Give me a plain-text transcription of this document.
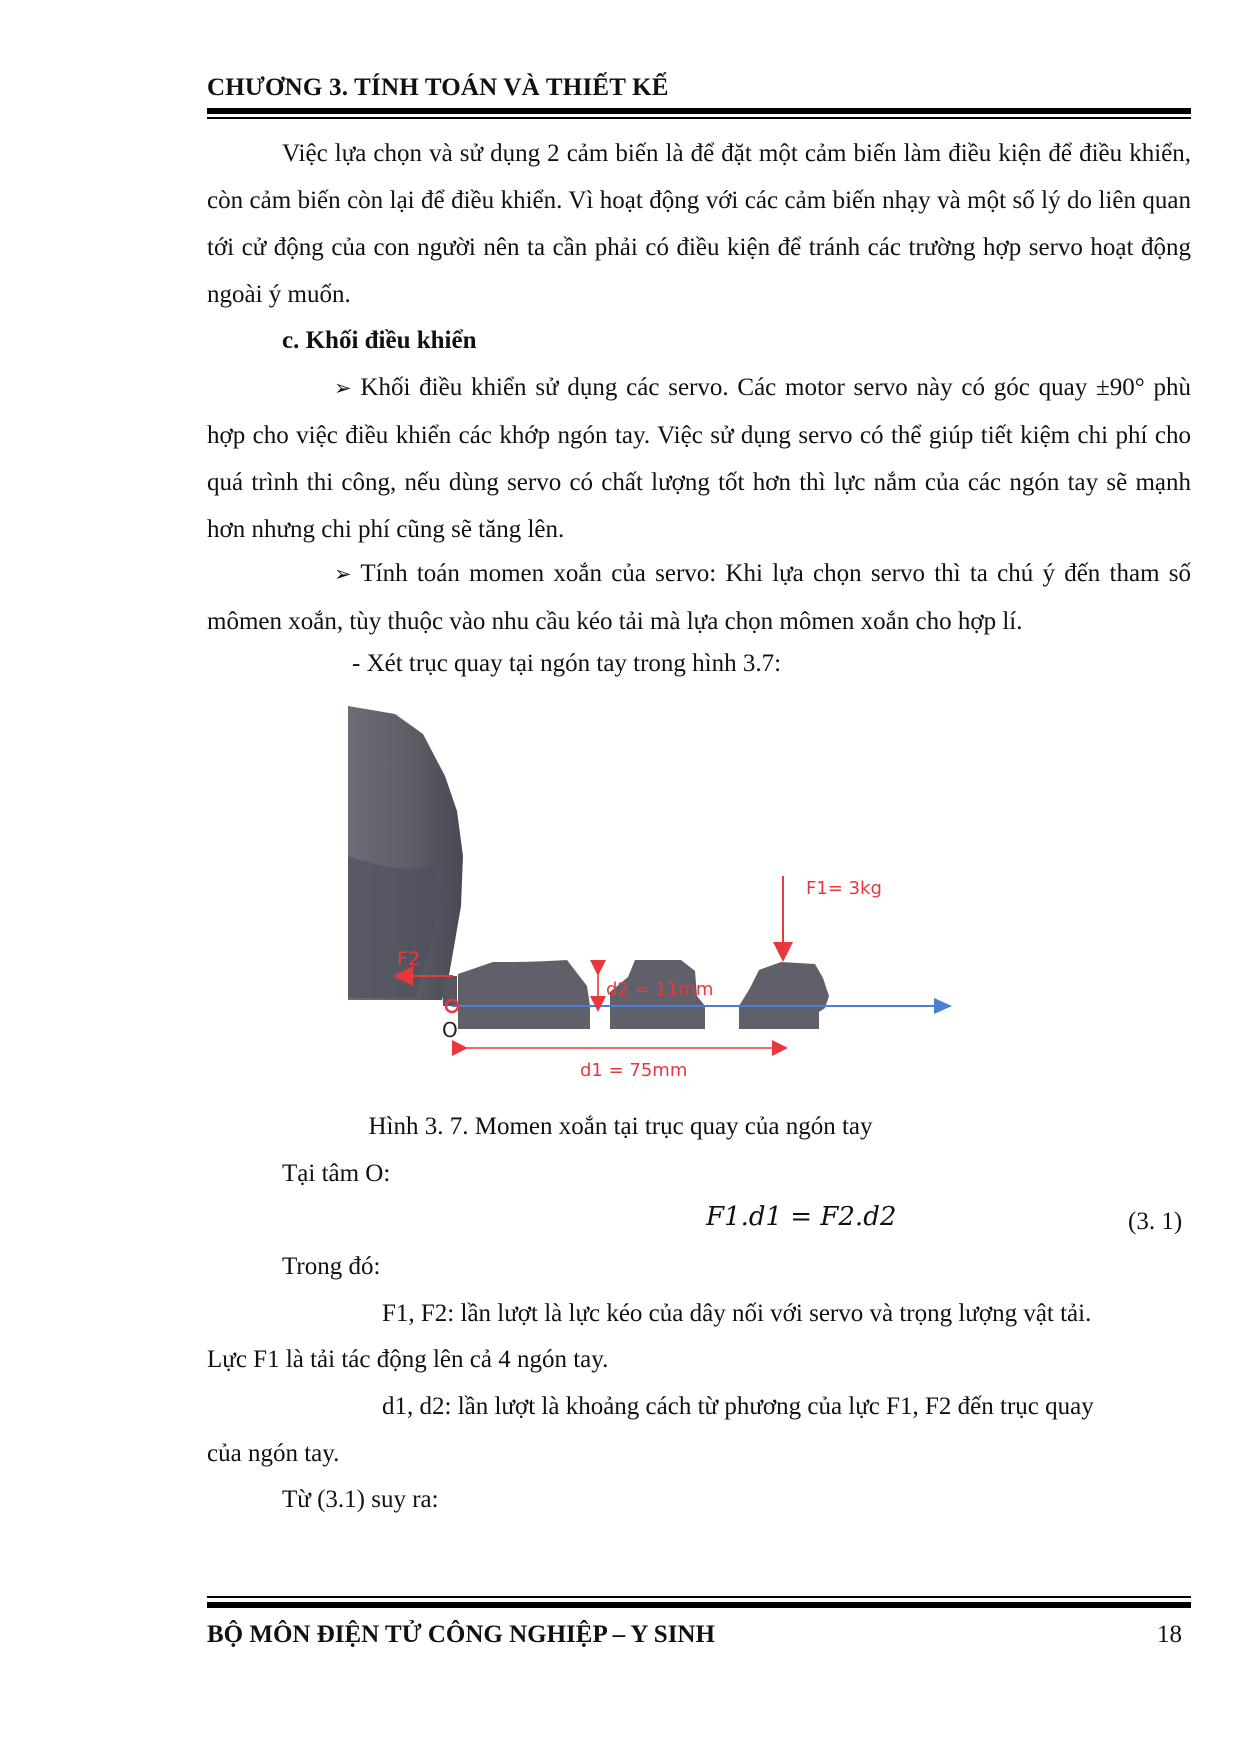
CHƯƠNG 3. TÍNH TOÁN VÀ THIẾT KẾ
Việc lựa chọn và sử dụng 2 cảm biến là để đặt một cảm biến làm điều kiện để điều khiển, còn cảm biến còn lại để điều khiển. Vì hoạt động với các cảm biến nhạy và một số lý do liên quan tới cử động của con người nên ta cần phải có điều kiện để tránh các trường hợp servo hoạt động ngoài ý muốn.
c. Khối điều khiển
➢ Khối điều khiển sử dụng các servo. Các motor servo này có góc quay ±90° phù hợp cho việc điều khiển các khớp ngón tay. Việc sử dụng servo có thể giúp tiết kiệm chi phí cho quá trình thi công, nếu dùng servo có chất lượng tốt hơn thì lực nắm của các ngón tay sẽ mạnh hơn nhưng chi phí cũng sẽ tăng lên.
➢ Tính toán momen xoắn của servo: Khi lựa chọn servo thì ta chú ý đến tham số mômen xoắn, tùy thuộc vào nhu cầu kéo tải mà lựa chọn mômen xoắn cho hợp lí.
- Xét trục quay tại ngón tay trong hình 3.7:
O
F1= 3kg
F2
d2 = 11mm
d1 = 75mm
Hình 3. 7. Momen xoắn tại trục quay của ngón tay
Tại tâm O:
F1.d1 = F2.d2	(3. 1)
Trong đó:
F1, F2: lần lượt là lực kéo của dây nối với servo và trọng lượng vật tải.
Lực F1 là tải tác động lên cả 4 ngón tay.
d1, d2: lần lượt là khoảng cách từ phương của lực F1, F2 đến trục quay
của ngón tay.
Từ (3.1) suy ra:
BỘ MÔN ĐIỆN TỬ CÔNG NGHIỆP – Y SINH	18
